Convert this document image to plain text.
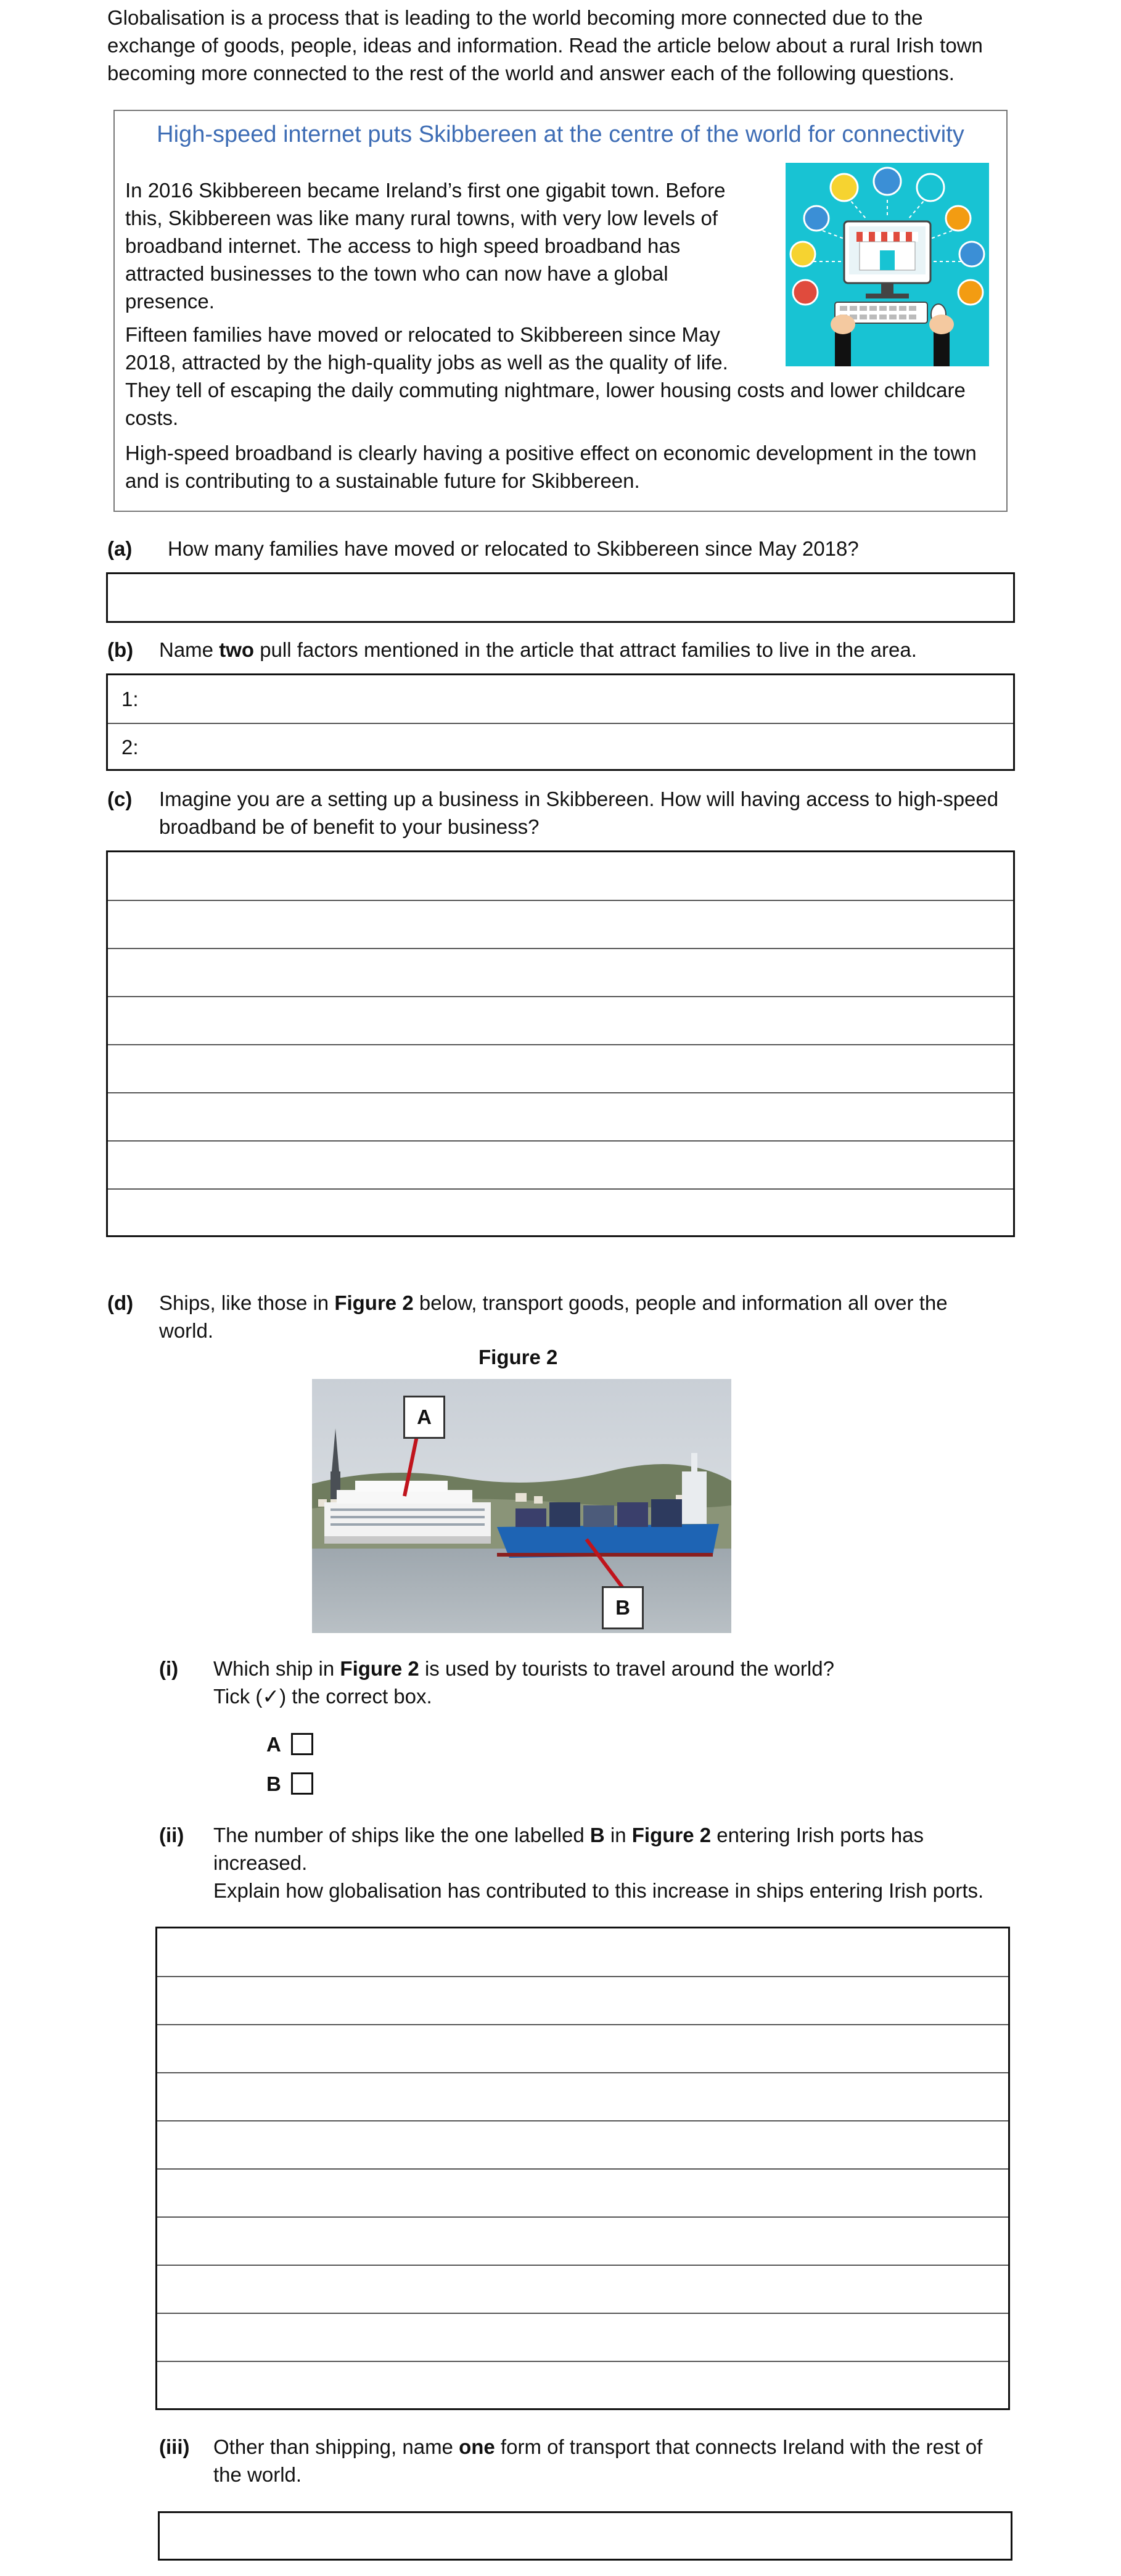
Globalisation is a process that is leading to the world becoming more connected due to the
exchange of goods, people, ideas and information. Read the article below about a rural Irish town
becoming more connected to the rest of the world and answer each of the following questions.
High-speed internet puts Skibbereen at the centre of the world for connectivity
In 2016 Skibbereen became Ireland’s first one gigabit town. Before
this, Skibbereen was like many rural towns, with very low levels of
broadband internet. The access to high speed broadband has
attracted businesses to the town who can now have a global
presence.
Fifteen families have moved or relocated to Skibbereen since May
2018, attracted by the high-quality jobs as well as the quality of life.
They tell of escaping the daily commuting nightmare, lower housing costs and lower childcare
costs.
High-speed broadband is clearly having a positive effect on economic development in the town
and is contributing to a sustainable future for Skibbereen.
(a) How many families have moved or relocated to Skibbereen since May 2018?
(b) Name two pull factors mentioned in the article that attract families to live in the area.
1:
2:
(c) Imagine you are a setting up a business in Skibbereen. How will having access to high-speed
broadband be of benefit to your business?
(d) Ships, like those in Figure 2 below, transport goods, people and information all over the
world.
Figure 2
A
B
(i) Which ship in Figure 2 is used by tourists to travel around the world?
Tick (✓) the correct box.
A
B
(ii) The number of ships like the one labelled B in Figure 2 entering Irish ports has
increased.
Explain how globalisation has contributed to this increase in ships entering Irish ports.
(iii) Other than shipping, name one form of transport that connects Ireland with the rest of
the world.
